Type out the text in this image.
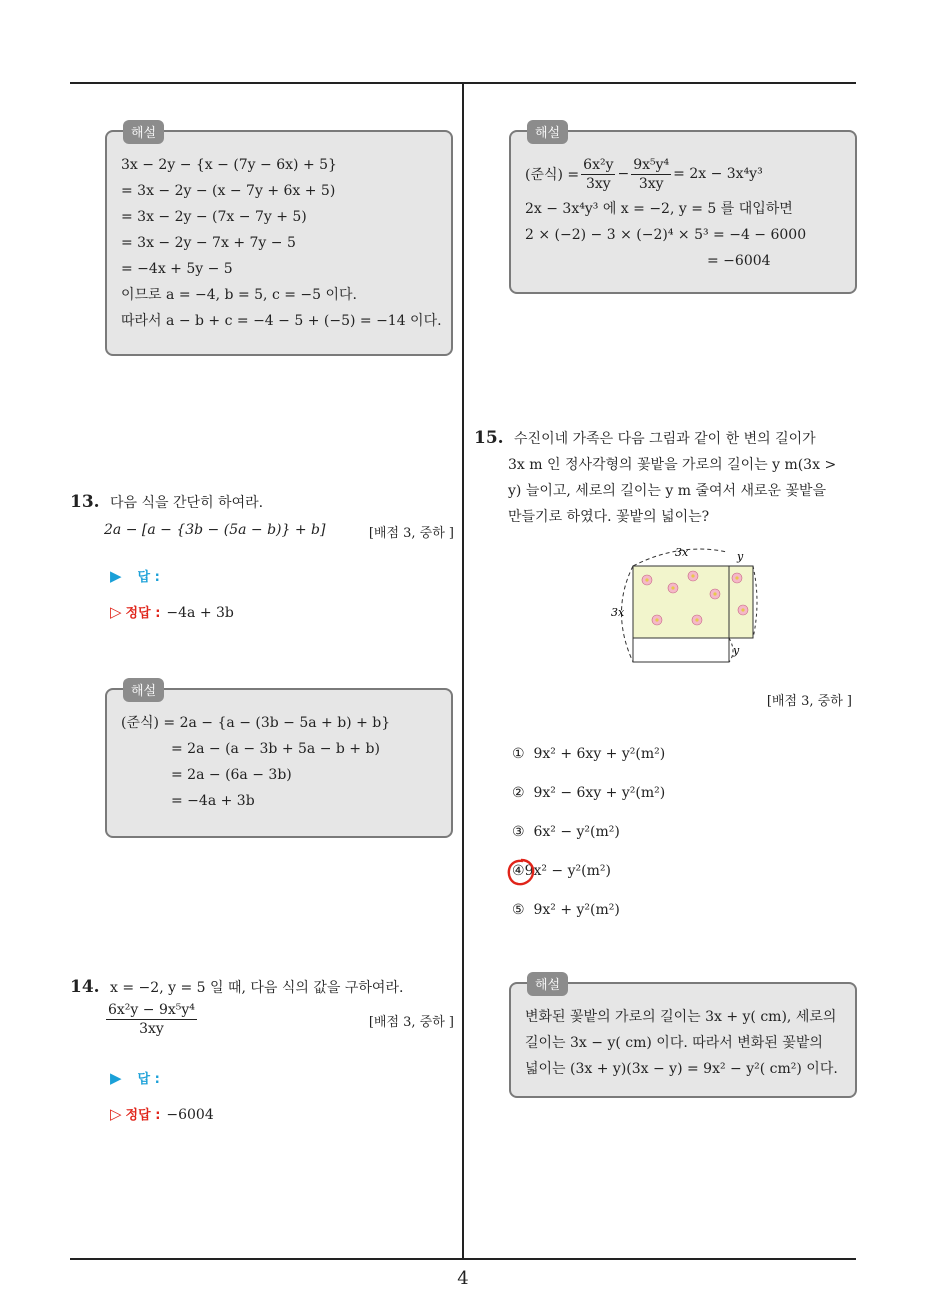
해설
3x − 2y − {x − (7y − 6x) + 5}
= 3x − 2y − (x − 7y + 6x + 5)
= 3x − 2y − (7x − 7y + 5)
= 3x − 2y − 7x + 7y − 5
= −4x + 5y − 5
이므로 a = −4, b = 5, c = −5 이다.
따라서 a − b + c = −4 − 5 + (−5) = −14 이다.
13. 다음 식을 간단히 하여라.
2a − [a − {3b − (5a − b)} + b]	[배점 3, 중하 ]
▶ 답 :
▷ 정답 : −4a + 3b
해설
(준식) = 2a − {a − (3b − 5a + b) + b}
= 2a − (a − 3b + 5a − b + b)
= 2a − (6a − 3b)
= −4a + 3b
14. x = −2, y = 5 일 때, 다음 식의 값을 구하여라.
$\frac{\text{6x²y − 9x⁵y⁴}}{3xy}$	[배점 3, 중하 ]
▶ 답 :
▷ 정답 : −6004
해설
(준식) = $\frac{\text{6x²y}}{3xy} - \frac{\text{9x⁵y⁴}}{3xy} = 2x - 3x^4y^3$
2x − 3x⁴y³ 에 x = −2, y = 5 를 대입하면
2 × (−2) − 3 × (−2)⁴ × 5³ = −4 − 6000
= −6004
15. 수진이네 가족은 다음 그림과 같이 한 변의 길이가
3x m 인 정사각형의 꽃밭을 가로의 길이는 y m(3x >
y) 늘이고, 세로의 길이는 y m 줄여서 새로운 꽃밭을
만들기로 하였다. 꽃밭의 넓이는?
3x	y
3x
y
[배점 3, 중하 ]
① 9x² + 6xy + y²(m²)
② 9x² − 6xy + y²(m²)
③ 6x² − y²(m²)
④9x² − y²(m²)
⑤ 9x² + y²(m²)
해설
변화된 꽃밭의 가로의 길이는 3x + y( cm), 세로의
길이는 3x − y( cm) 이다. 따라서 변화된 꽃밭의
넓이는 (3x + y)(3x − y) = 9x² − y²( cm²) 이다.
4
